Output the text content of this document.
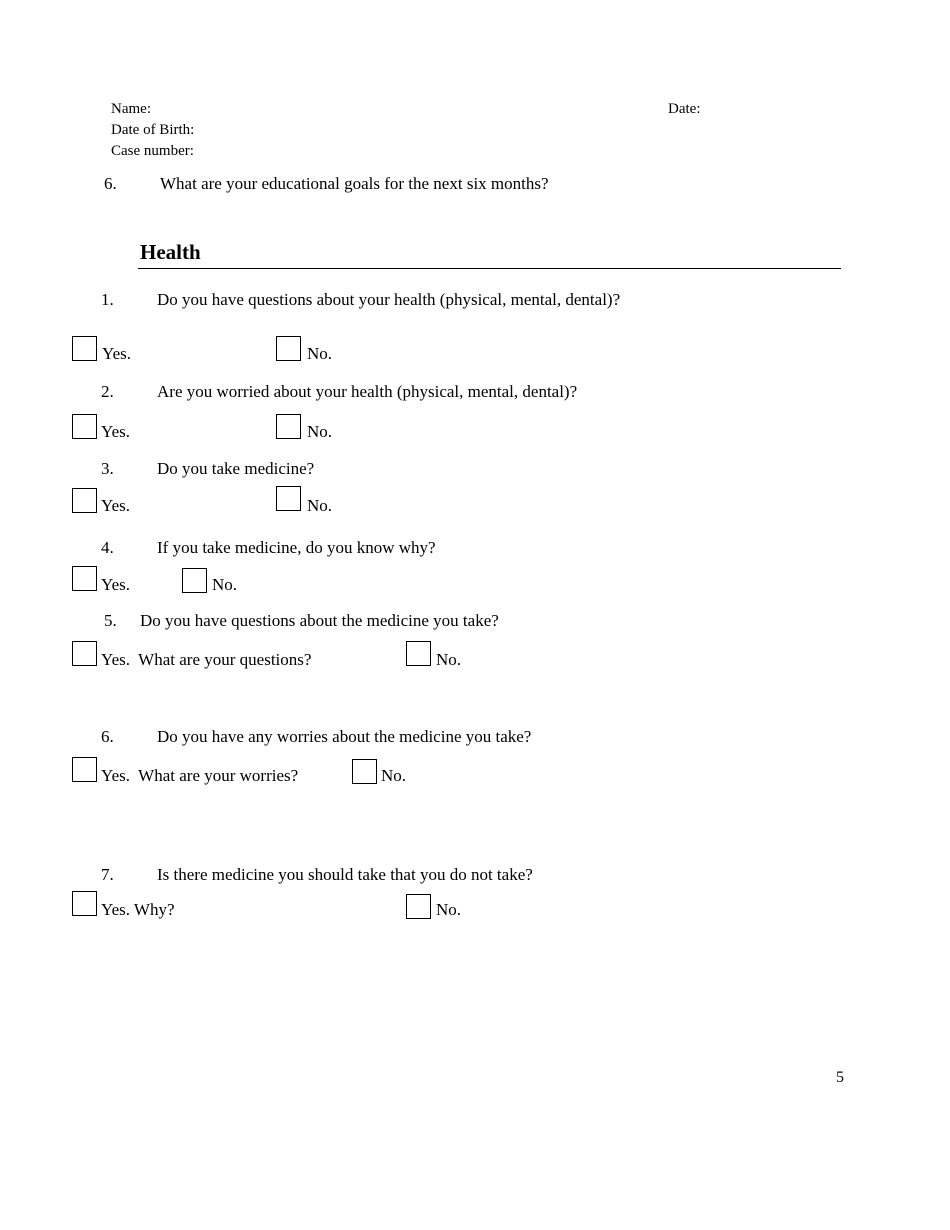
Name:	Date:
Date of Birth:
Case number:
6.	What are your educational goals for the next six months?
Health
1.	Do you have questions about your health (physical, mental, dental)?
Yes.	No.
2.	Are you worried about your health (physical, mental, dental)?
Yes.	No.
3.	Do you take medicine?
Yes.	No.
4.	If you take medicine, do you know why?
Yes.	No.
5. Do you have questions about the medicine you take?
Yes.  What are your questions?	No.
6.	Do you have any worries about the medicine you take?
Yes.  What are your worries?	No.
7.	Is there medicine you should take that you do not take?
Yes. Why?	No.
5
